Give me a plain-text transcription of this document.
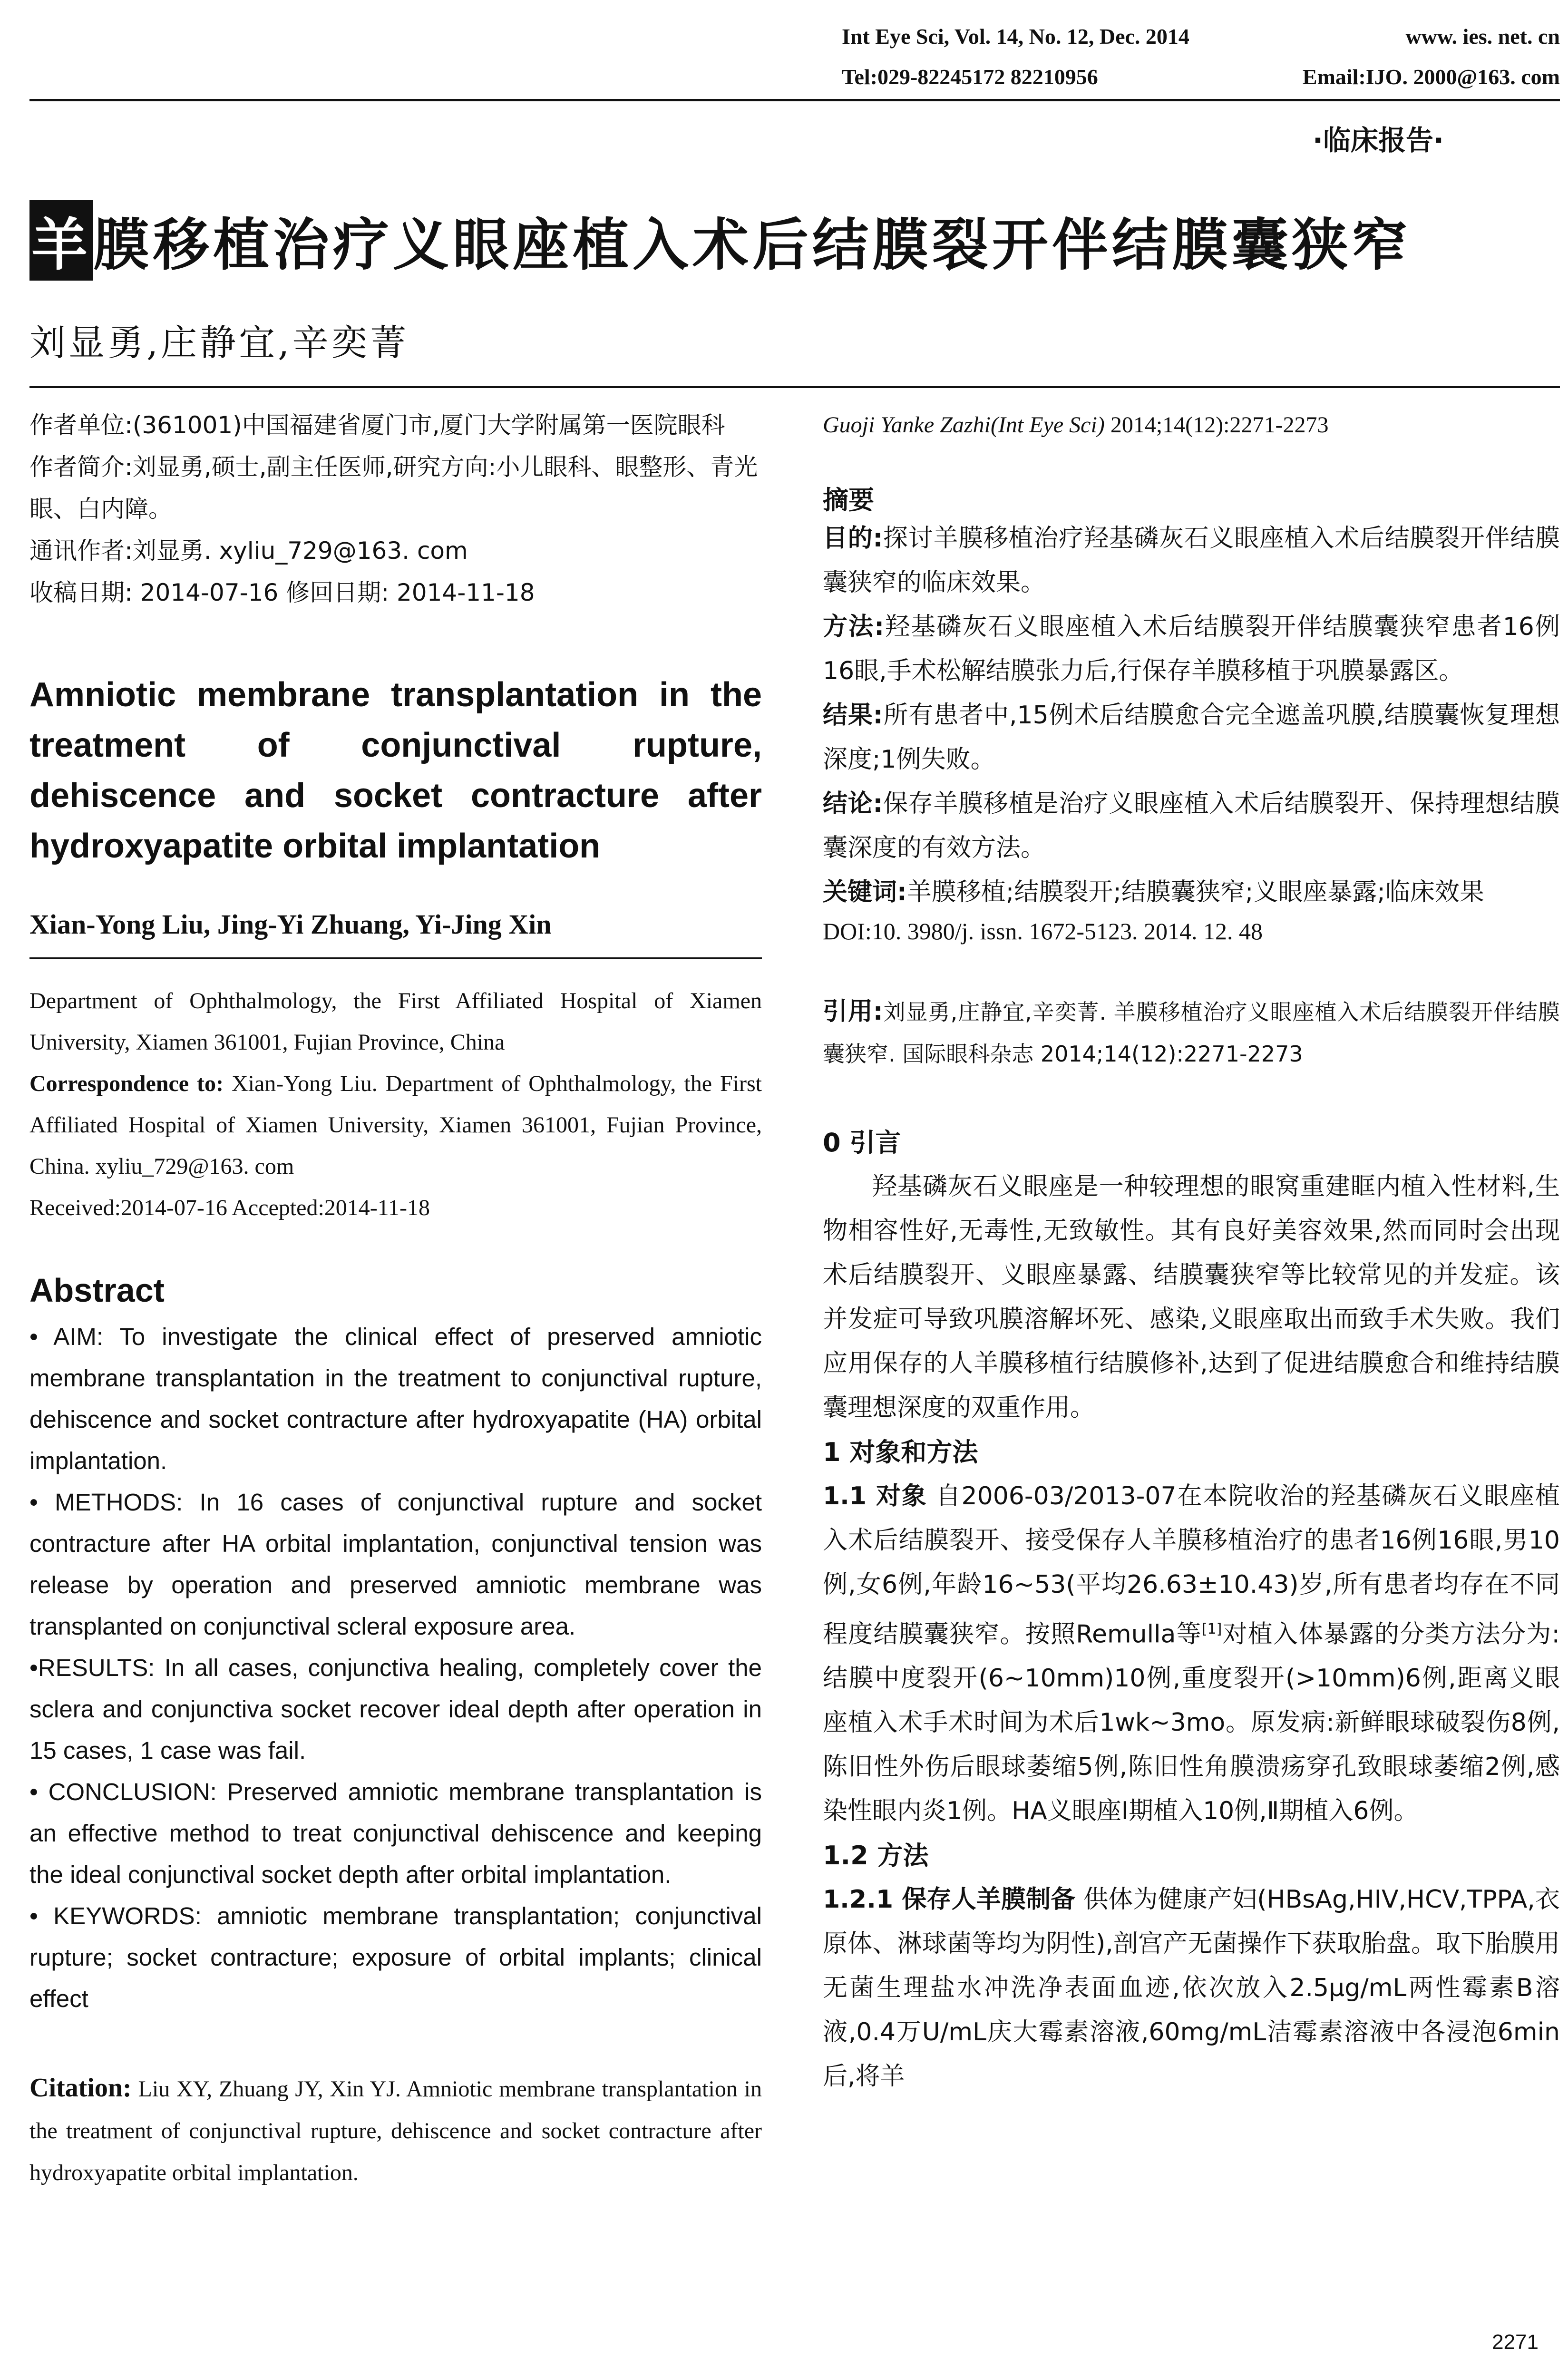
Int Eye Sci, Vol. 14, No. 12, Dec. 2014	www. ies. net. cn
Tel:029-82245172 82210956	Email:IJO. 2000@163. com
·临床报告·
羊膜移植治疗义眼座植入术后结膜裂开伴结膜囊狭窄
刘显勇,庄静宜,辛奕菁

作者单位:(361001)中国福建省厦门市,厦门大学附属第一医院眼科

作者简介:刘显勇,硕士,副主任医师,研究方向:小儿眼科、眼整形、青光眼、白内障。

通讯作者:刘显勇. xyliu_729@163. com

收稿日期: 2014-07-16 修回日期: 2014-11-18

Amniotic membrane transplantation in the treatment of conjunctival rupture, dehiscence and socket contracture after hydroxyapatite orbital implantation

Xian-Yong Liu, Jing-Yi Zhuang, Yi-Jing Xin

Department of Ophthalmology, the First Affiliated Hospital of Xiamen University, Xiamen 361001, Fujian Province, China
Correspondence to: Xian-Yong Liu. Department of Ophthalmology, the First Affiliated Hospital of Xiamen University, Xiamen 361001, Fujian Province, China. xyliu_729@163. com
Received:2014-07-16 Accepted:2014-11-18

Abstract

• AIM: To investigate the clinical effect of preserved amniotic membrane transplantation in the treatment to conjunctival rupture, dehiscence and socket contracture after hydroxyapatite (HA) orbital implantation.

• METHODS: In 16 cases of conjunctival rupture and socket contracture after HA orbital implantation, conjunctival tension was release by operation and preserved amniotic membrane was transplanted on conjunctival scleral exposure area.

•RESULTS: In all cases, conjunctiva healing, completely cover the sclera and conjunctiva socket recover ideal depth after operation in 15 cases, 1 case was fail.

• CONCLUSION: Preserved amniotic membrane transplantation is an effective method to treat conjunctival dehiscence and keeping the ideal conjunctival socket depth after orbital implantation.

• KEYWORDS: amniotic membrane transplantation; conjunctival rupture; socket contracture; exposure of orbital implants; clinical effect

Citation: Liu XY, Zhuang JY, Xin YJ. Amniotic membrane transplantation in the treatment of conjunctival rupture, dehiscence and socket contracture after hydroxyapatite orbital implantation.

Guoji Yanke Zazhi(Int Eye Sci) 2014;14(12):2271-2273

摘要

目的:探讨羊膜移植治疗羟基磷灰石义眼座植入术后结膜裂开伴结膜囊狭窄的临床效果。

方法:羟基磷灰石义眼座植入术后结膜裂开伴结膜囊狭窄患者16例16眼,手术松解结膜张力后,行保存羊膜移植于巩膜暴露区。

结果:所有患者中,15例术后结膜愈合完全遮盖巩膜,结膜囊恢复理想深度;1例失败。

结论:保存羊膜移植是治疗义眼座植入术后结膜裂开、保持理想结膜囊深度的有效方法。

关键词:羊膜移植;结膜裂开;结膜囊狭窄;义眼座暴露;临床效果

DOI:10. 3980/j. issn. 1672-5123. 2014. 12. 48

引用:刘显勇,庄静宜,辛奕菁. 羊膜移植治疗义眼座植入术后结膜裂开伴结膜囊狭窄. 国际眼科杂志 2014;14(12):2271-2273

0 引言

羟基磷灰石义眼座是一种较理想的眼窝重建眶内植入性材料,生物相容性好,无毒性,无致敏性。其有良好美容效果,然而同时会出现术后结膜裂开、义眼座暴露、结膜囊狭窄等比较常见的并发症。该并发症可导致巩膜溶解坏死、感染,义眼座取出而致手术失败。我们应用保存的人羊膜移植行结膜修补,达到了促进结膜愈合和维持结膜囊理想深度的双重作用。

1 对象和方法

1.1 对象 自2006-03/2013-07在本院收治的羟基磷灰石义眼座植入术后结膜裂开、接受保存人羊膜移植治疗的患者16例16眼,男10例,女6例,年龄16~53(平均26.63±10.43)岁,所有患者均存在不同程度结膜囊狭窄。按照Remulla等[1]对植入体暴露的分类方法分为:结膜中度裂开(6~10mm)10例,重度裂开(>10mm)6例,距离义眼座植入术手术时间为术后1wk~3mo。原发病:新鲜眼球破裂伤8例,陈旧性外伤后眼球萎缩5例,陈旧性角膜溃疡穿孔致眼球萎缩2例,感染性眼内炎1例。HA义眼座Ⅰ期植入10例,Ⅱ期植入6例。

1.2 方法

1.2.1 保存人羊膜制备 供体为健康产妇(HBsAg,HIV,HCV,TPPA,衣原体、淋球菌等均为阴性),剖宫产无菌操作下获取胎盘。取下胎膜用无菌生理盐水冲洗净表面血迹,依次放入2.5μg/mL两性霉素B溶液,0.4万U/mL庆大霉素溶液,60mg/mL洁霉素溶液中各浸泡6min后,将羊

2271
